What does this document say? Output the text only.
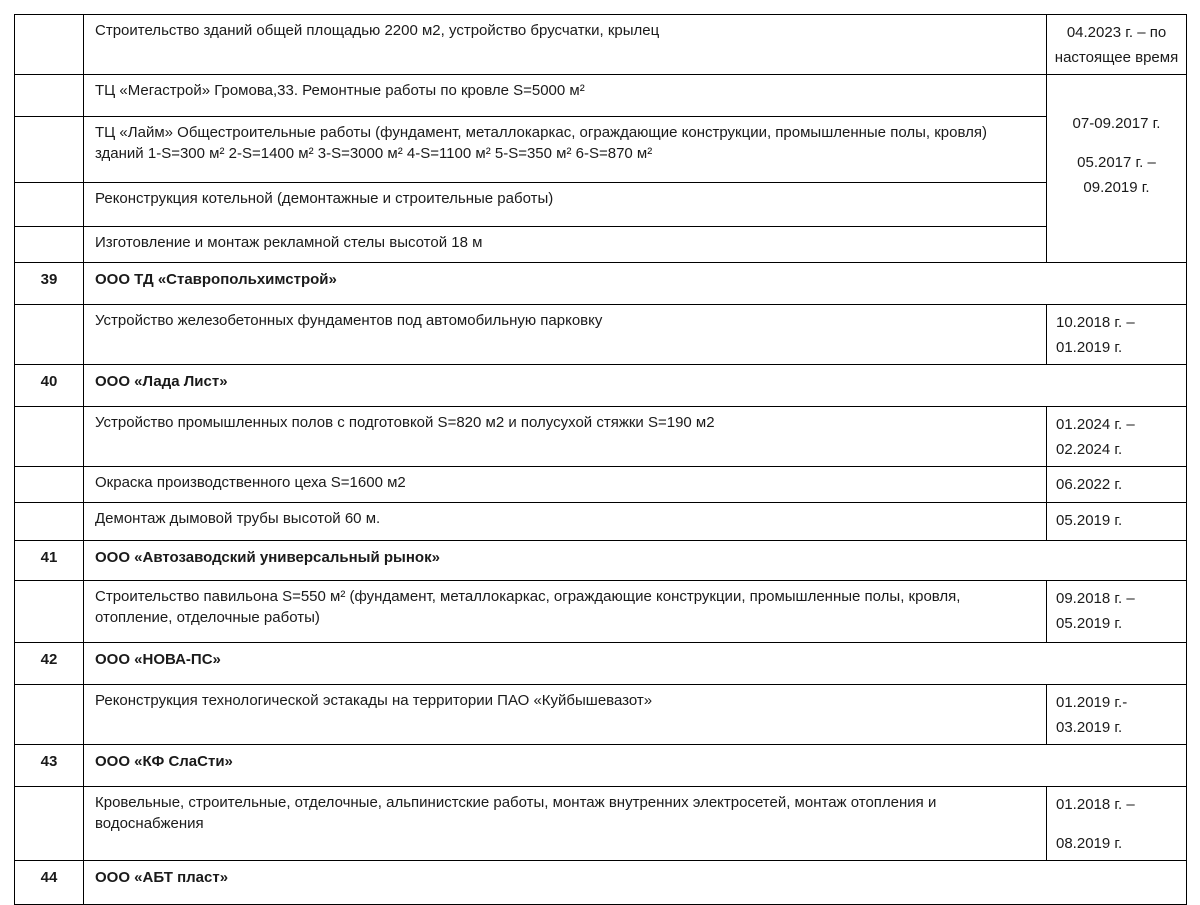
	Строительство зданий общей площадью 2200 м2, устройство брусчатки, крылец	04.2023 г. – по
настоящее время

	ТЦ «Мегастрой» Громова,33. Ремонтные работы по кровле S=5000 м²	07-09.2017 г.
05.2017 г. –
09.2019 г.

	ТЦ «Лайм» Общестроительные работы (фундамент, металлокаркас, ограждающие конструкции, промышленные полы, кровля) зданий 1-S=300 м² 2-S=1400 м² 3-S=3000 м² 4-S=1100 м² 5-S=350 м² 6-S=870 м²	
	Реконструкция котельной (демонтажные и строительные работы)	
	Изготовление и монтаж рекламной стелы высотой 18 м	
39	ООО ТД «Ставропольхимстрой»	
	Устройство железобетонных фундаментов под автомобильную парковку	10.2018 г. –
01.2019 г.

40	ООО «Лада Лист»	
	Устройство промышленных полов с подготовкой S=820 м2 и полусухой стяжки S=190 м2	01.2024 г. –
02.2024 г.

	Окраска производственного цеха S=1600 м2	06.2022 г.

	Демонтаж дымовой трубы высотой 60 м.	05.2019 г.

41	ООО «Автозаводский универсальный рынок»	
	Строительство павильона S=550 м² (фундамент, металлокаркас, ограждающие конструкции, промышленные полы, кровля, отопление, отделочные работы)	09.2018 г. –
05.2019 г.

42	ООО «НОВА-ПС»	
	Реконструкция технологической эстакады на территории ПАО «Куйбышевазот»	01.2019 г.-
03.2019 г.

43	ООО «КФ СлаСти»	
	Кровельные, строительные, отделочные, альпинистские работы, монтаж внутренних электросетей, монтаж отопления и водоснабжения	01.2018 г. –
08.2019 г.

44	ООО «АБТ пласт»	
